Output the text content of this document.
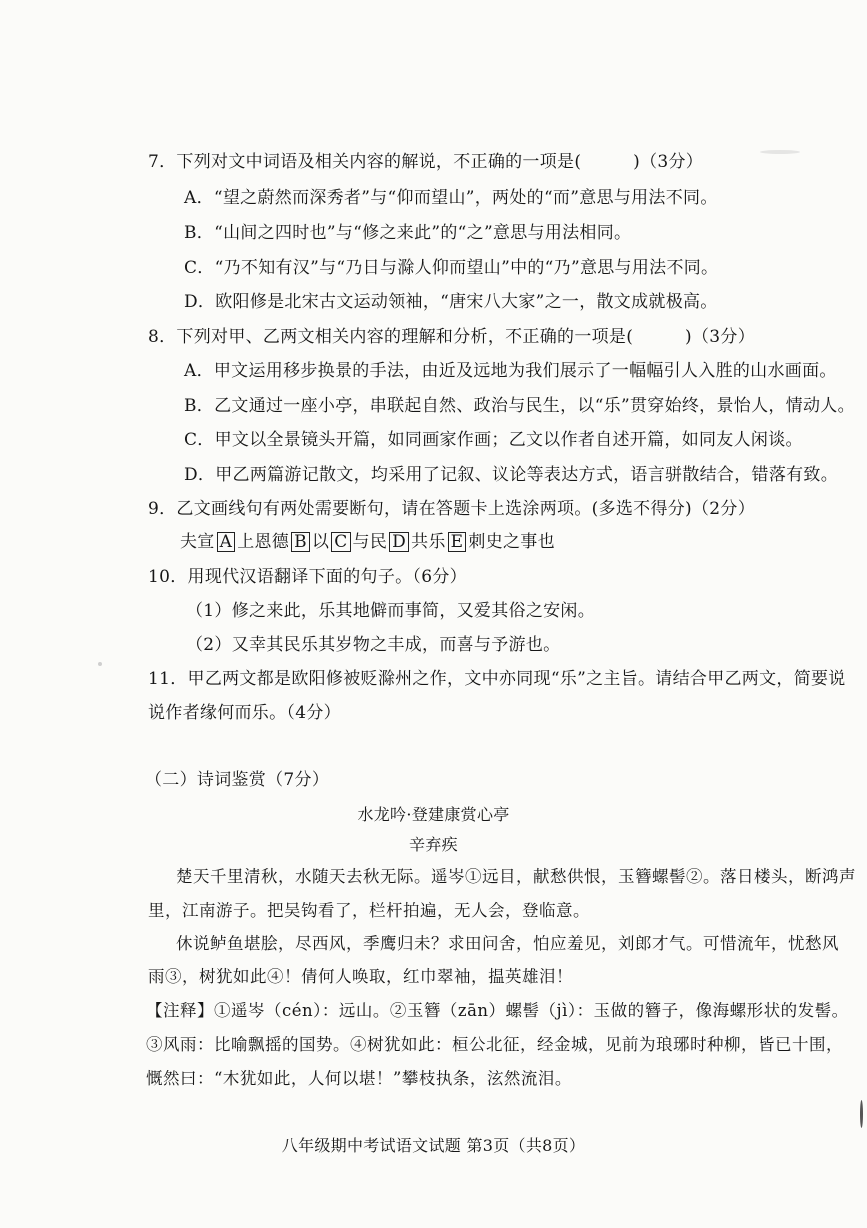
7．下列对文中词语及相关内容的解说，不正确的一项是(　　　)（3分）
A．“望之蔚然而深秀者”与“仰而望山”，两处的“而”意思与用法不同。
B．“山间之四时也”与“修之来此”的“之”意思与用法相同。
C．“乃不知有汉”与“乃日与滁人仰而望山”中的“乃”意思与用法不同。
D．欧阳修是北宋古文运动领袖，“唐宋八大家”之一，散文成就极高。
8．下列对甲、乙两文相关内容的理解和分析，不正确的一项是(　　　)（3分）
A．甲文运用移步换景的手法，由近及远地为我们展示了一幅幅引人入胜的山水画面。
B．乙文通过一座小亭，串联起自然、政治与民生，以“乐”贯穿始终，景怡人，情动人。
C．甲文以全景镜头开篇，如同画家作画；乙文以作者自述开篇，如同友人闲谈。
D．甲乙两篇游记散文，均采用了记叙、议论等表达方式，语言骈散结合，错落有致。
9．乙文画线句有两处需要断句，请在答题卡上选涂两项。(多选不得分)（2分）
夫宣 A 上恩德 B 以 C 与民 D 共乐 E 刺史之事也
10．用现代汉语翻译下面的句子。（6分）
（1）修之来此，乐其地僻而事简，又爱其俗之安闲。
（2）又幸其民乐其岁物之丰成，而喜与予游也。
11．甲乙两文都是欧阳修被贬滁州之作，文中亦同现“乐”之主旨。请结合甲乙两文，简要说
说作者缘何而乐。（4分）
（二）诗词鉴赏（7分）
水龙吟·登建康赏心亭
辛弃疾
楚天千里清秋，水随天去秋无际。遥岑①远目，献愁供恨，玉簪螺髻②。落日楼头，断鸿声
里，江南游子。把吴钩看了，栏杆拍遍，无人会，登临意。
休说鲈鱼堪脍，尽西风，季鹰归未？求田问舍，怕应羞见，刘郎才气。可惜流年，忧愁风
雨③，树犹如此④！倩何人唤取，红巾翠袖，揾英雄泪！
【注释】①遥岑（cén）：远山。②玉簪（zān）螺髻（jì）：玉做的簪子，像海螺形状的发髻。
③风雨：比喻飘摇的国势。④树犹如此：桓公北征，经金城，见前为琅琊时种柳，皆已十围，
慨然曰：“木犹如此，人何以堪！”攀枝执条，泫然流泪。
八年级期中考试语文试题 第3页（共8页）
